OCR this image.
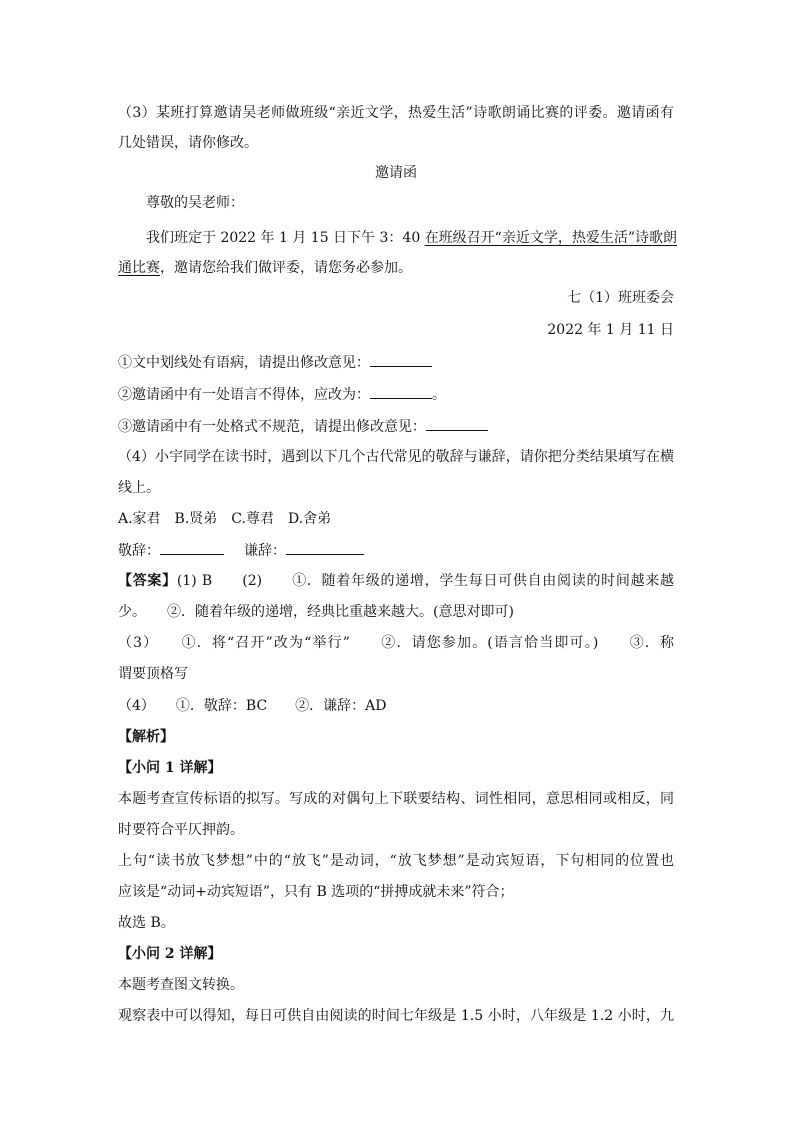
（3）某班打算邀请吴老师做班级“亲近文学，热爱生活”诗歌朗诵比赛的评委。邀请函有
几处错误，请你修改。
邀请函
尊敬的吴老师：
我们班定于 2022 年 1 月 15 日下午 3：40 在班级召开“亲近文学，热爱生活”诗歌朗
通比赛，邀请您给我们做评委，请您务必参加。
七（1）班班委会
2022 年 1 月 11 日
①文中划线处有语病，请提出修改意见：
②邀请函中有一处语言不得体，应改为：	。
③邀请函中有一处格式不规范，请提出修改意见：
（4）小宇同学在读书时，遇到以下几个古代常见的敬辞与谦辞，请你把分类结果填写在横
线上。
A.家君　B.贤弟　C.尊君　D.舍弟
敬辞：	谦辞：
【答案】(1) B　　(2)　　①．随着年级的递增，学生每日可供自由阅读的时间越来越
少。　　②．随着年级的递增，经典比重越来越大。(意思对即可)
（3）　　①．将“召开”改为“举行”　　②．请您参加。(语言恰当即可。)　　③．称
谓要顶格写
（4）　　①．敬辞：BC　　②．谦辞：AD
【解析】
【小问 1 详解】
本题考查宣传标语的拟写。写成的对偶句上下联要结构、词性相同，意思相同或相反，同
时要符合平仄押韵。
上句“读书放飞梦想”中的“放飞”是动词，“放飞梦想”是动宾短语，下句相同的位置也
应该是“动词+动宾短语”，只有 B 选项的“拼搏成就未来”符合；
故选 B。
【小问 2 详解】
本题考查图文转换。
观察表中可以得知，每日可供自由阅读的时间七年级是 1.5 小时，八年级是 1.2 小时，九
